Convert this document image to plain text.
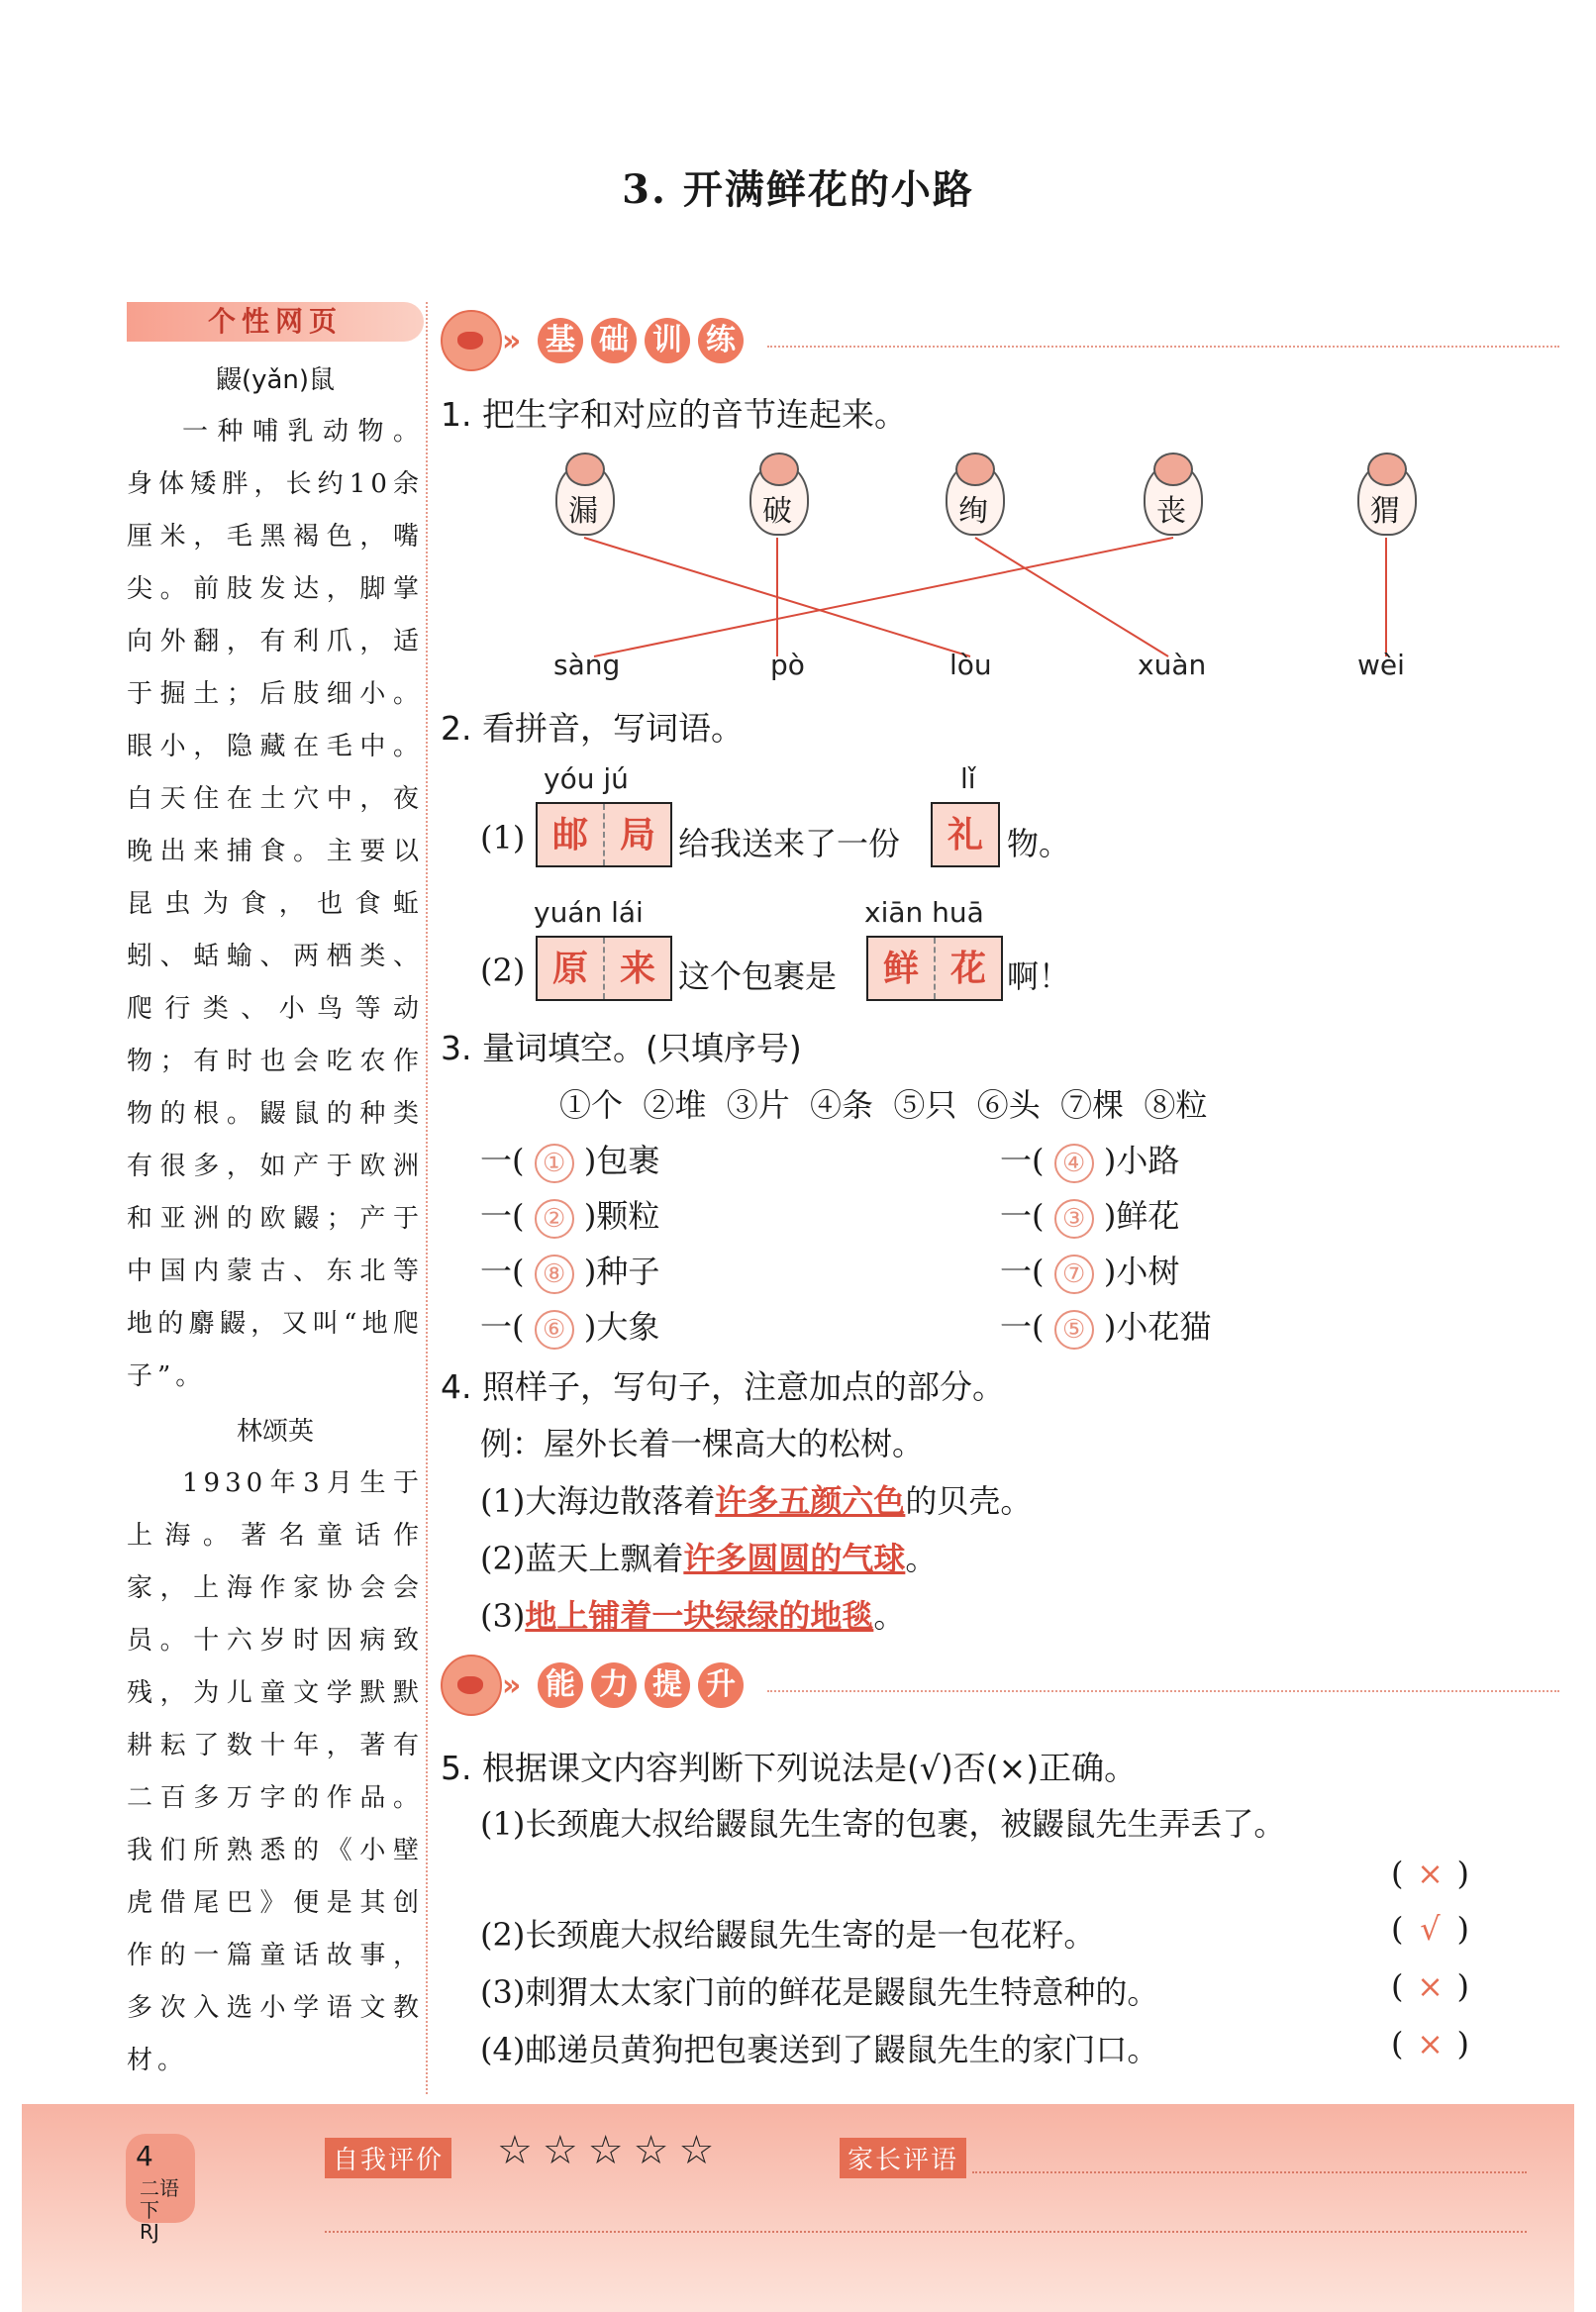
3. 开满鲜花的小路
个性网页
鼹(yǎn)鼠

一种哺乳动物。身体矮胖，长约10余厘米，毛黑褐色，嘴尖。前肢发达，脚掌向外翻，有利爪，适于掘土；后肢细小。眼小，隐藏在毛中。白天住在土穴中，夜晚出来捕食。主要以昆虫为食，也食蚯蚓、蛞蝓、两栖类、爬行类、小鸟等动物；有时也会吃农作物的根。鼹鼠的种类有很多，如产于欧洲和亚洲的欧鼹；产于中国内蒙古、东北等地的麝鼹，又叫“地爬子”。

林颂英

1930年3月生于上海。著名童话作家，上海作家协会会员。十六岁时因病致残，为儿童文学默默耕耘了数十年，著有二百多万字的作品。我们所熟悉的《小壁虎借尾巴》便是其创作的一篇童话故事，多次入选小学语文教材。

» 基 础 训 练
1. 把生字和对应的音节连起来。
漏	破	绚	丧	猬
sàng	pò	lòu	xuàn	wèi
2. 看拼音，写词语。
yóu jú
(1) 邮 局 给我送来了一份
lǐ
礼 物。
yuán lái
(2) 原 来 这个包裹是
xiān huā
鲜 花 啊！
3. 量词填空。(只填序号)
①个  ②堆  ③片  ④条  ⑤只  ⑥头  ⑦棵  ⑧粒
一( ① )包裹	一( ④ )小路
一( ② )颗粒	一( ③ )鲜花
一( ⑧ )种子	一( ⑦ )小树
一( ⑥ )大象	一( ⑤ )小花猫
4. 照样子，写句子，注意加点的部分。
例：屋外长着一棵高大的松树。
(1)大海边散落着许多五颜六色的贝壳。
(2)蓝天上飘着许多圆圆的气球。
(3)地上铺着一块绿绿的地毯。
» 能 力 提 升
5. 根据课文内容判断下列说法是(√)否(×)正确。
(1)长颈鹿大叔给鼹鼠先生寄的包裹，被鼹鼠先生弄丢了。
( × )
(2)长颈鹿大叔给鼹鼠先生寄的是一包花籽。	( √ )
(3)刺猬太太家门前的鲜花是鼹鼠先生特意种的。	( × )
(4)邮递员黄狗把包裹送到了鼹鼠先生的家门口。	( × )
4
二语下
RJ
自我评价 ☆☆☆☆☆	家长评语
